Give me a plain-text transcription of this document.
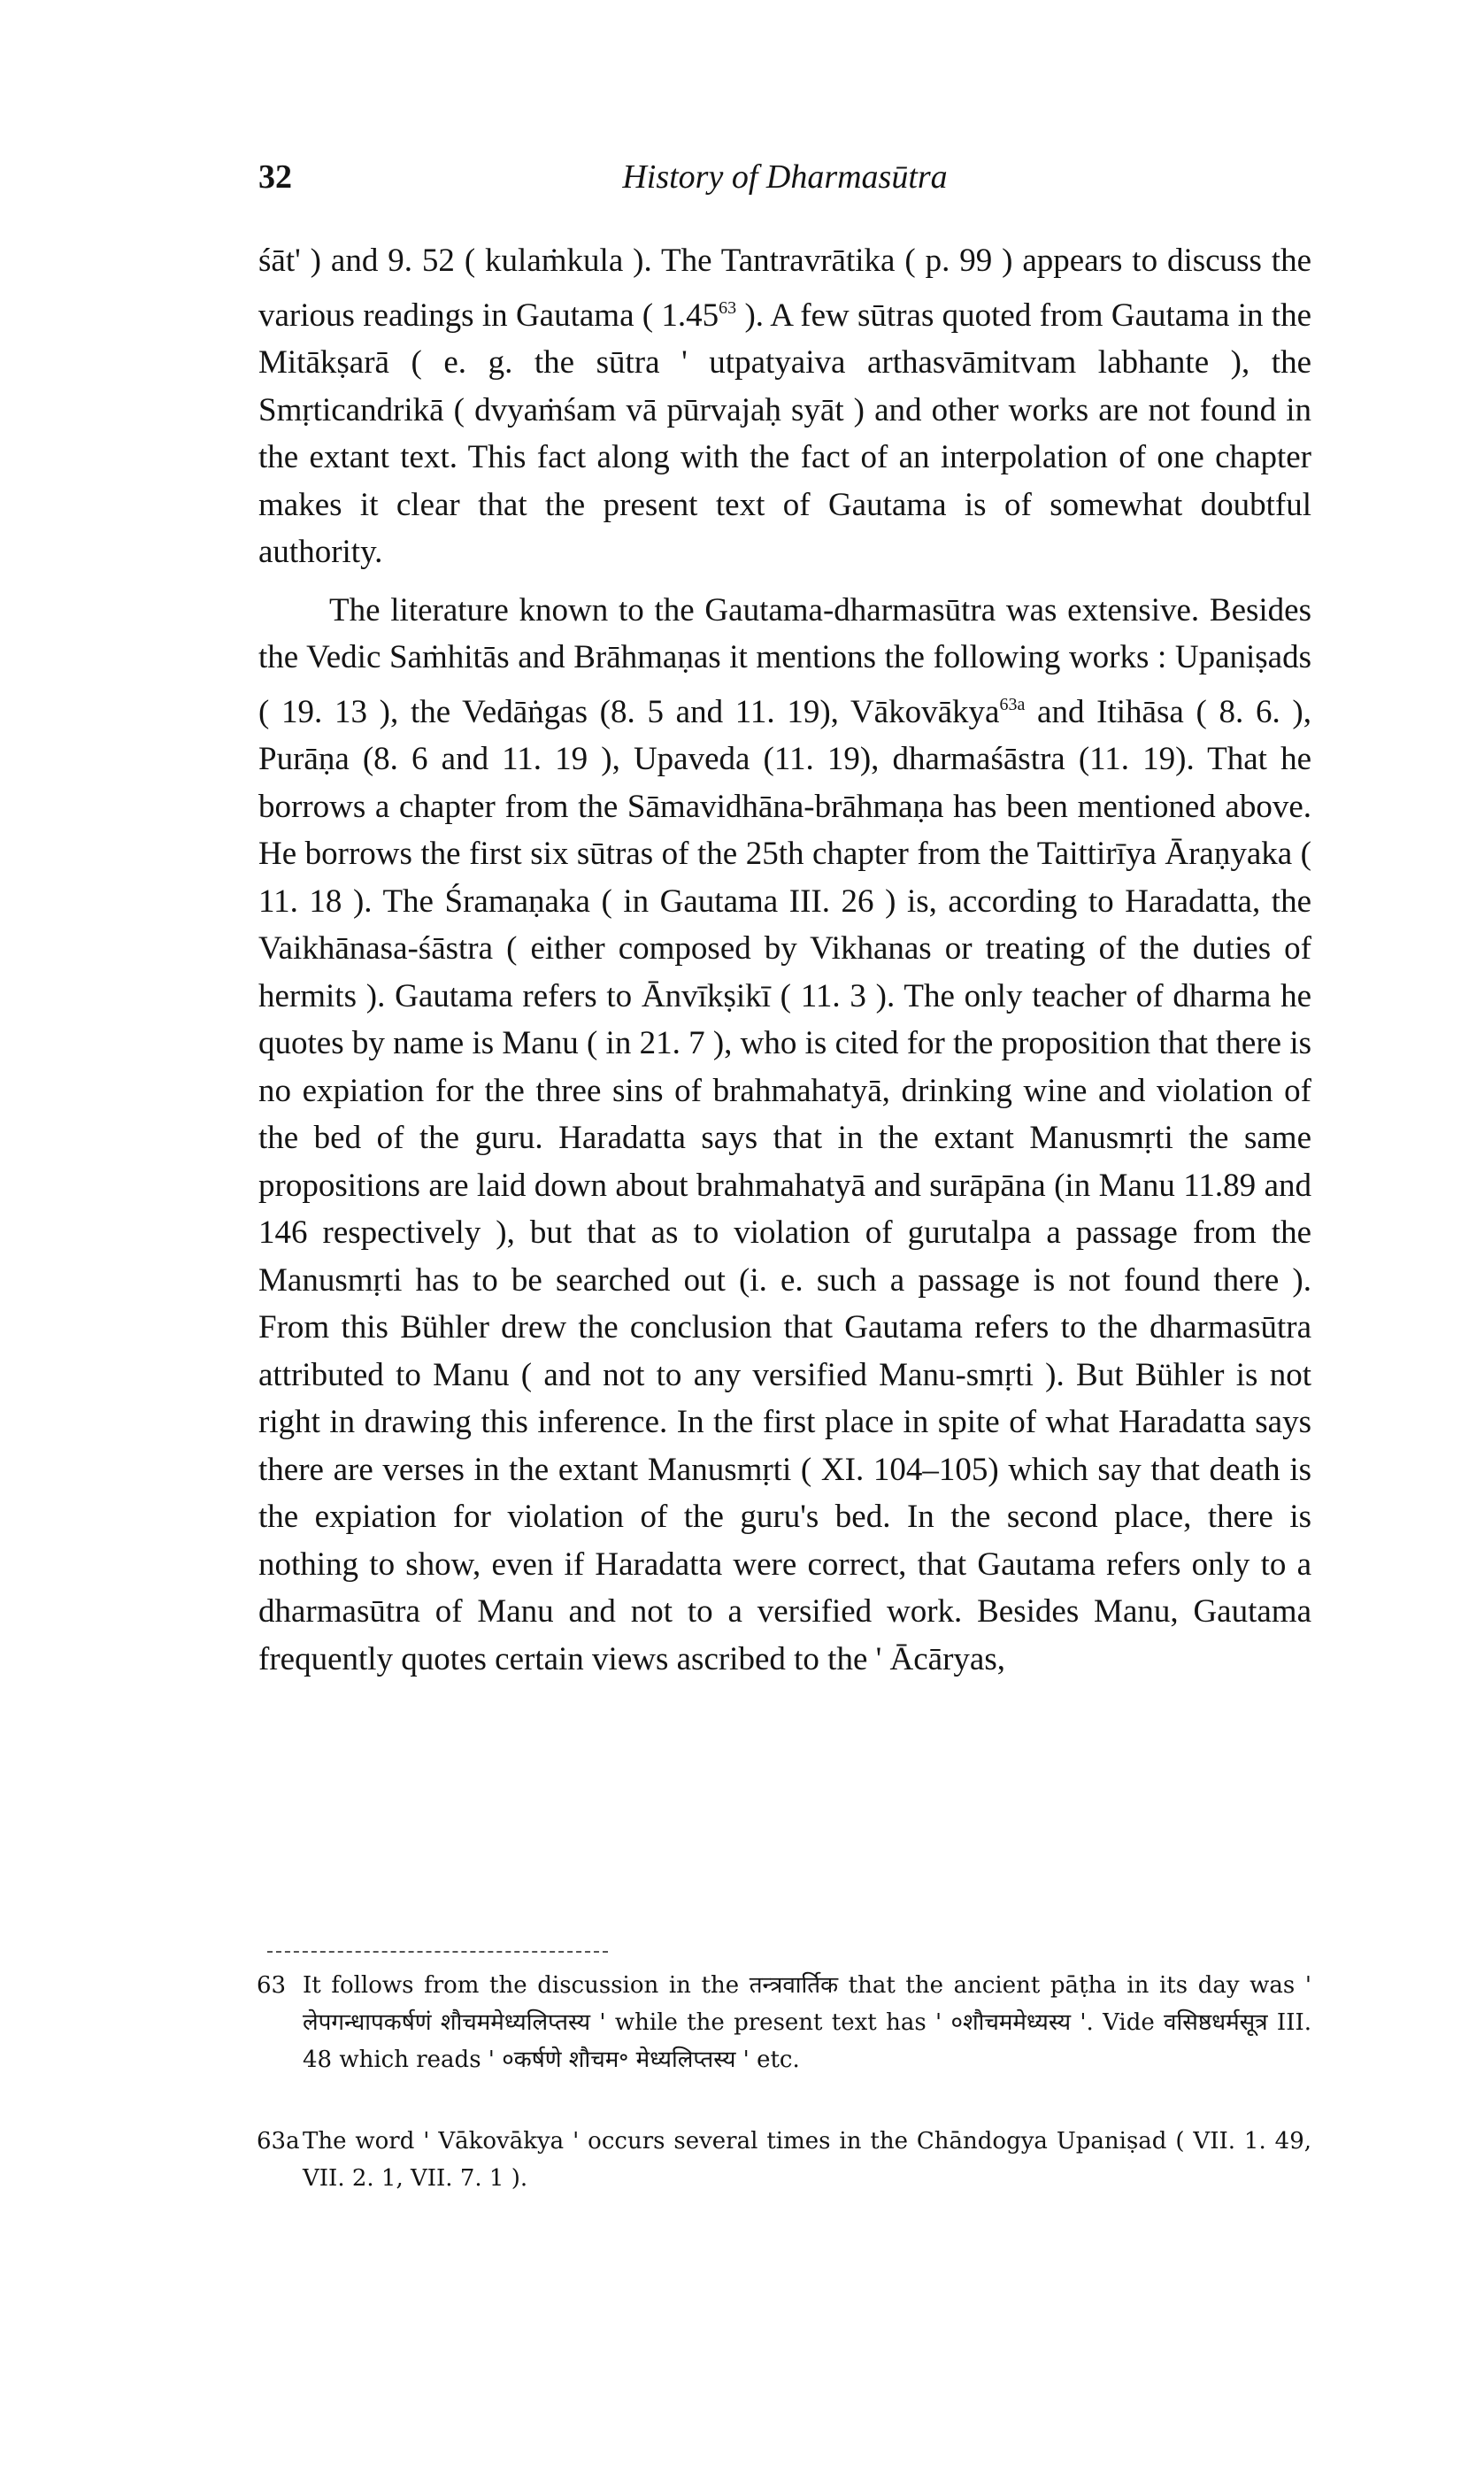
32	History of Dharmasūtra

śāt' ) and 9. 52 ( kulaṁkula ). The Tantravrātika ( p. 99 ) appears to discuss the various readings in Gautama ( 1.45$^{63}$ ). A few sūtras quoted from Gautama in the Mitākṣarā ( e. g. the sūtra ' utpatyaiva arthasvāmitvam labhante ), the Smṛticandrikā ( dvyaṁśam vā pūrvajaḥ syāt ) and other works are not found in the extant text. This fact along with the fact of an interpolation of one chapter makes it clear that the present text of Gautama is of somewhat doubtful authority.

The literature known to the Gautama-dharmasūtra was extensive. Besides the Vedic Saṁhitās and Brāhmaṇas it mentions the following works : Upaniṣads ( 19. 13 ), the Vedāṅgas (8. 5 and 11. 19), Vākovākya$^{63a}$ and Itihāsa ( 8. 6. ), Purāṇa (8. 6 and 11. 19 ), Upaveda (11. 19), dharmaśāstra (11. 19). That he borrows a chapter from the Sāmavidhāna-brāhmaṇa has been mentioned above. He borrows the first six sūtras of the 25th chapter from the Taittirīya Āraṇyaka ( 11. 18 ). The Śramaṇaka ( in Gautama III. 26 ) is, according to Haradatta, the Vaikhānasa-śāstra ( either composed by Vikhanas or treating of the duties of hermits ). Gautama refers to Ānvīkṣikī ( 11. 3 ). The only teacher of dharma he quotes by name is Manu ( in 21. 7 ), who is cited for the proposition that there is no expiation for the three sins of brahmahatyā, drinking wine and violation of the bed of the guru. Haradatta says that in the extant Manusmṛti the same propositions are laid down about brahmahatyā and surāpāna (in Manu 11.89 and 146 respectively ), but that as to violation of gurutalpa a passage from the Manusmṛti has to be searched out (i. e. such a passage is not found there ). From this Bühler drew the conclusion that Gautama refers to the dharmasūtra attributed to Manu ( and not to any versified Manu-smṛti ). But Bühler is not right in drawing this inference. In the first place in spite of what Haradatta says there are verses in the extant Manusmṛti ( XI. 104–105) which say that death is the expiation for violation of the guru's bed. In the second place, there is nothing to show, even if Haradatta were correct, that Gautama refers only to a dharmasūtra of Manu and not to a versified work. Besides Manu, Gautama frequently quotes certain views ascribed to the ' Ācāryas,

63 It follows from the discussion in the तन्त्रवार्तिक that the ancient pāṭha in its day was ' लेपगन्धापकर्षणं शौचममेध्यलिप्तस्य ' while the present text has ' ०शौचममेध्यस्य '. Vide वसिष्ठधर्मसूत्र III. 48 which reads ' ०कर्षणे शौचम॰ मेध्यलिप्तस्य ' etc.

63a The word ' Vākovākya ' occurs several times in the Chāndogya Upaniṣad ( VII. 1. 49, VII. 2. 1, VII. 7. 1 ).
